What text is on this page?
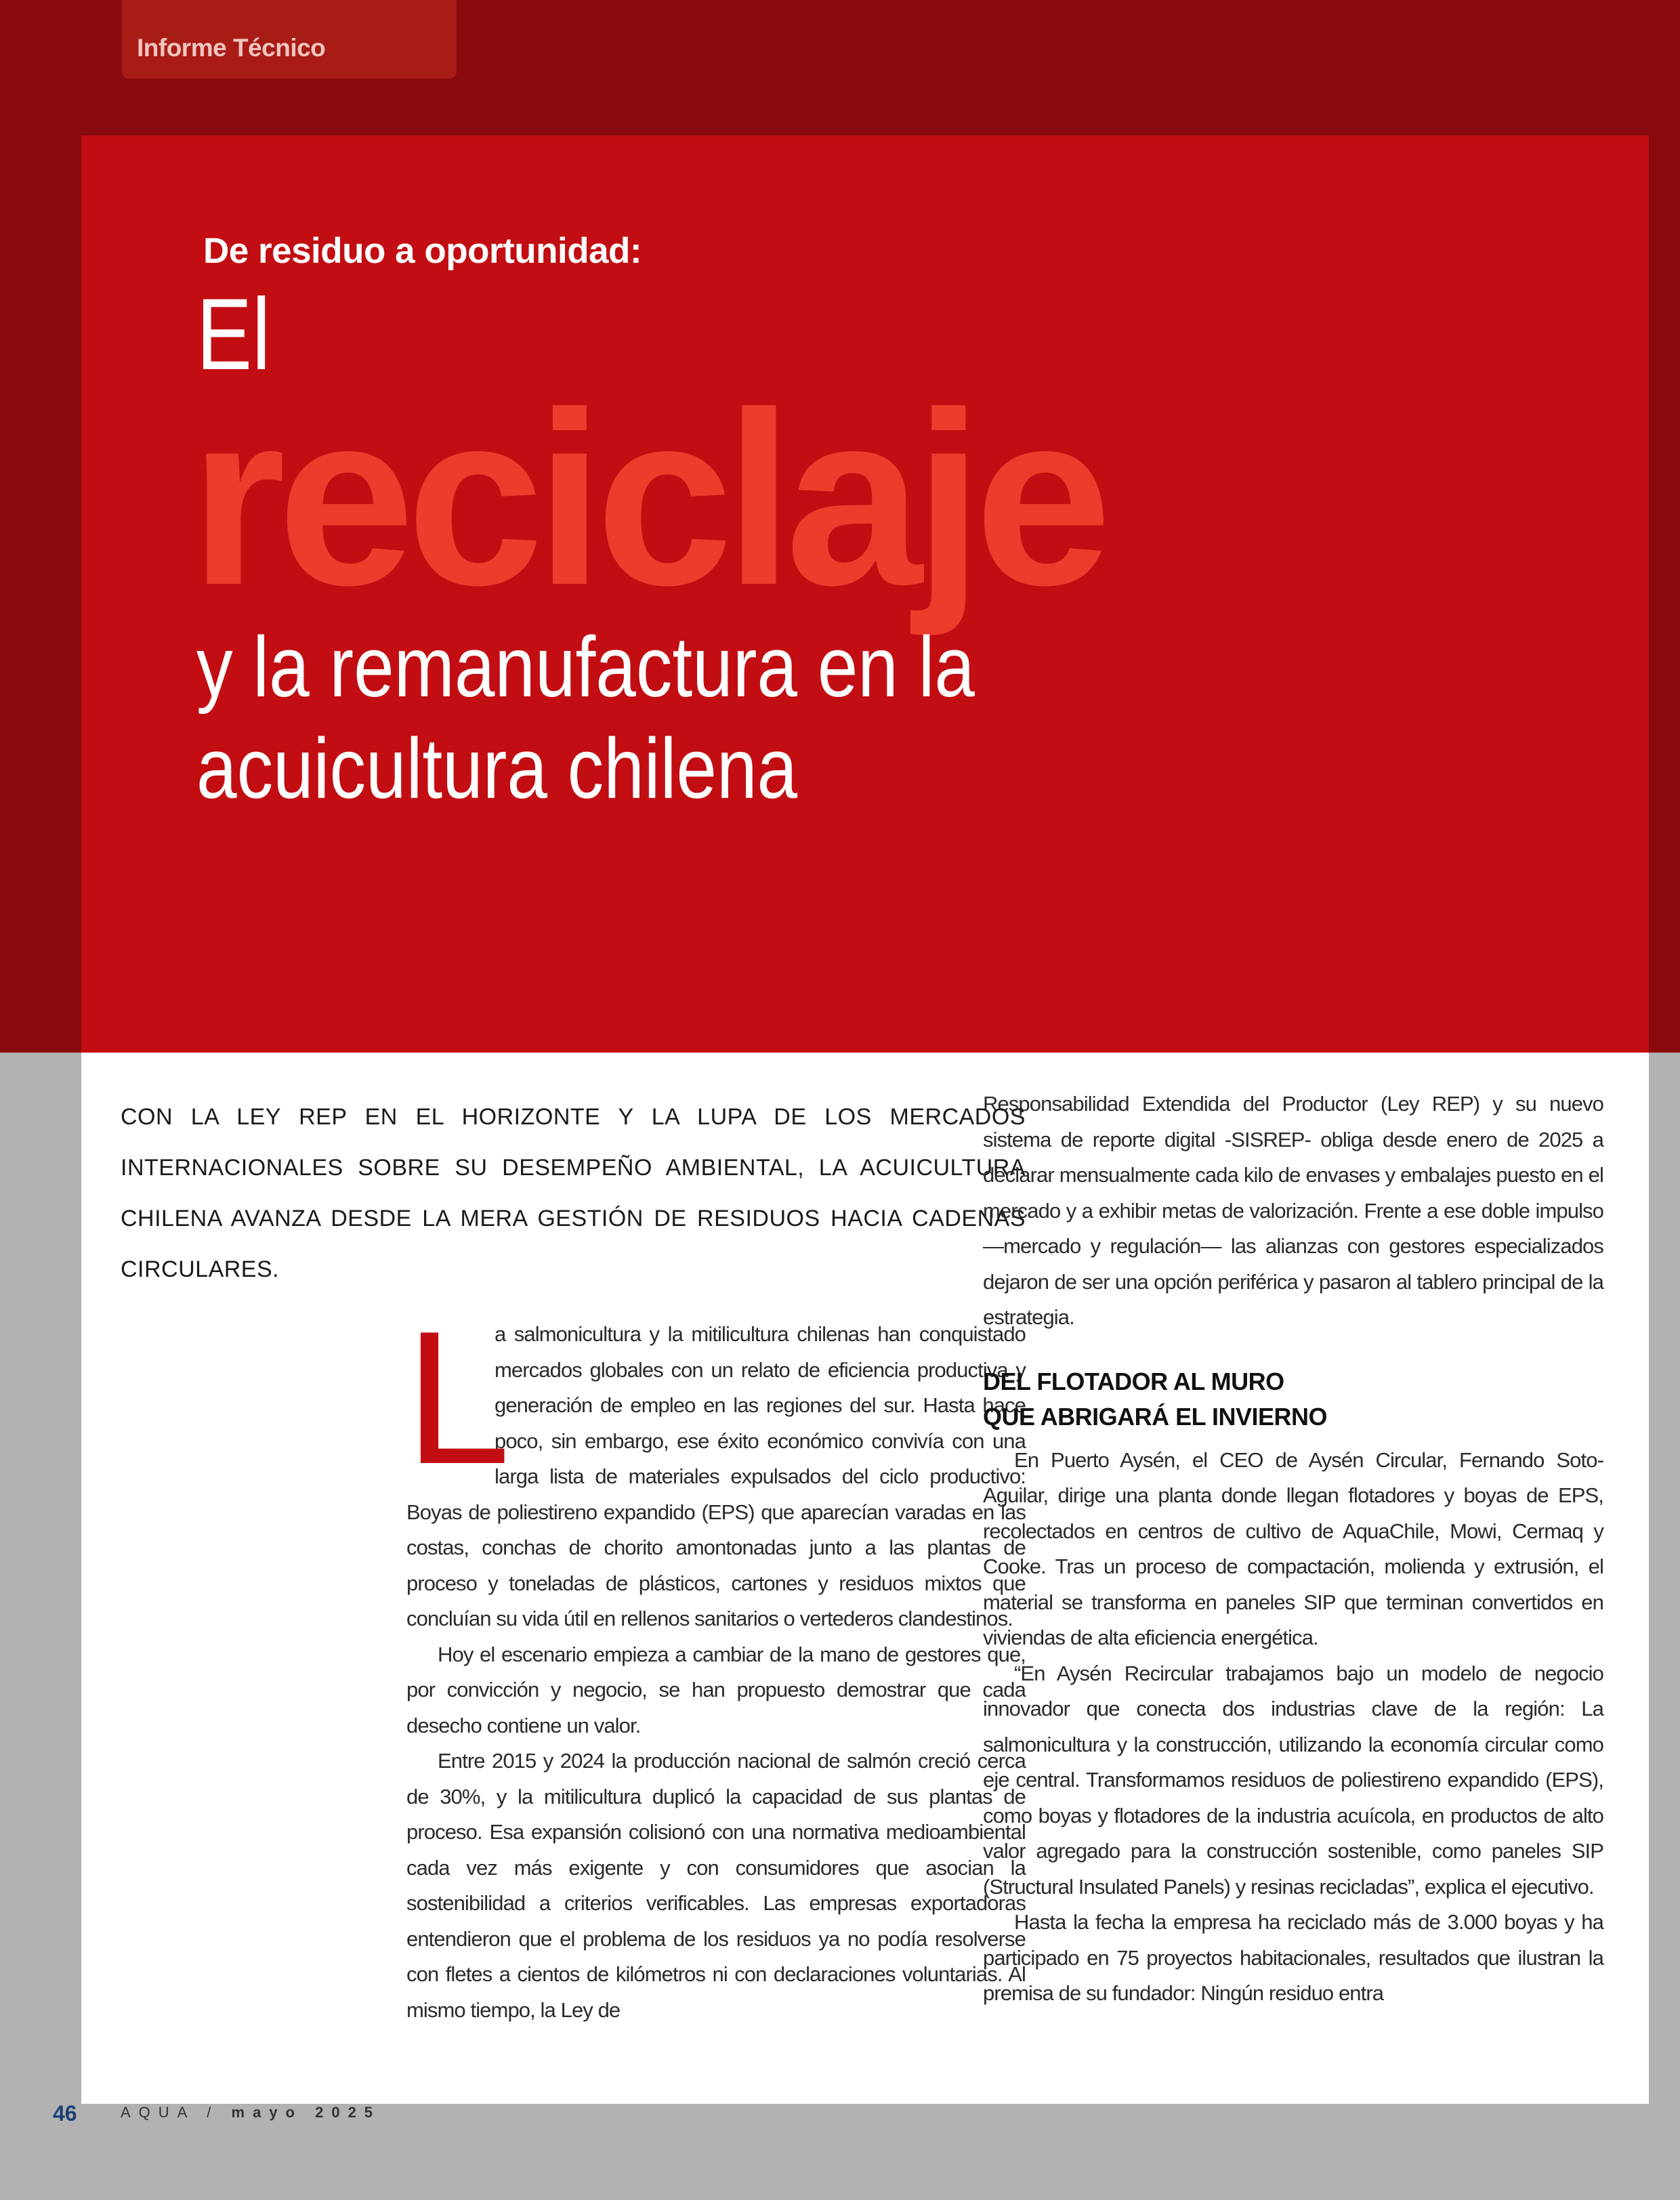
Informe Técnico
De residuo a oportunidad:
El
reciclaje
y la remanufactura en la
acuicultura chilena

CON LA LEY REP EN EL HORIZONTE Y LA LUPA DE LOS MERCADOS INTERNACIONALES SOBRE SU DESEMPEÑO AMBIENTAL, LA ACUICULTURA CHILENA AVANZA DESDE LA MERA GESTIÓN DE RESIDUOS HACIA CADENAS CIRCULARES.

L
a salmonicultura y la mitilicultura chilenas han conquistado mercados globales con un relato de eficiencia productiva y generación de empleo en las regiones del sur. Hasta hace poco, sin embargo, ese éxito económico convivía con una larga lista de materiales expulsados del ciclo productivo: Boyas de poliestireno expandido (EPS) que aparecían varadas en las costas, conchas de chorito amontonadas junto a las plantas de proceso y toneladas de plásticos, cartones y residuos mixtos que concluían su vida útil en rellenos sanitarios o vertederos clandestinos.

Hoy el escenario empieza a cambiar de la mano de gestores que, por convicción y negocio, se han propuesto demostrar que cada desecho contiene un valor.

Entre 2015 y 2024 la producción nacional de salmón creció cerca de 30%, y la mitilicultura duplicó la capacidad de sus plantas de proceso. Esa expansión colisionó con una normativa medioambiental cada vez más exigente y con consumidores que asocian la sostenibilidad a criterios verificables. Las empresas exportadoras entendieron que el problema de los residuos ya no podía resolverse con fletes a cientos de kilómetros ni con declaraciones voluntarias. Al mismo tiempo, la Ley de

Responsabilidad Extendida del Productor (Ley REP) y su nuevo sistema de reporte digital -SISREP- obliga desde enero de 2025 a declarar mensualmente cada kilo de envases y embalajes puesto en el mercado y a exhibir metas de valorización. Frente a ese doble impulso —mercado y regulación— las alianzas con gestores especializados dejaron de ser una opción periférica y pasaron al tablero principal de la estrategia.

DEL FLOTADOR AL MURO
QUE ABRIGARÁ EL INVIERNO

En Puerto Aysén, el CEO de Aysén Circular, Fernando Soto-Aguilar, dirige una planta donde llegan flotadores y boyas de EPS, recolectados en centros de cultivo de AquaChile, Mowi, Cermaq y Cooke. Tras un proceso de compactación, molienda y extrusión, el material se transforma en paneles SIP que terminan convertidos en viviendas de alta eficiencia energética.

“En Aysén Recircular trabajamos bajo un modelo de negocio innovador que conecta dos industrias clave de la región: La salmonicultura y la construcción, utilizando la economía circular como eje central. Transformamos residuos de poliestireno expandido (EPS), como boyas y flotadores de la industria acuícola, en productos de alto valor agregado para la construcción sostenible, como paneles SIP (Structural Insulated Panels) y resinas recicladas”, explica el ejecutivo.

Hasta la fecha la empresa ha reciclado más de 3.000 boyas y ha participado en 75 proyectos habitacionales, resultados que ilustran la premisa de su fundador: Ningún residuo entra

46	AQUA / mayo 2025
